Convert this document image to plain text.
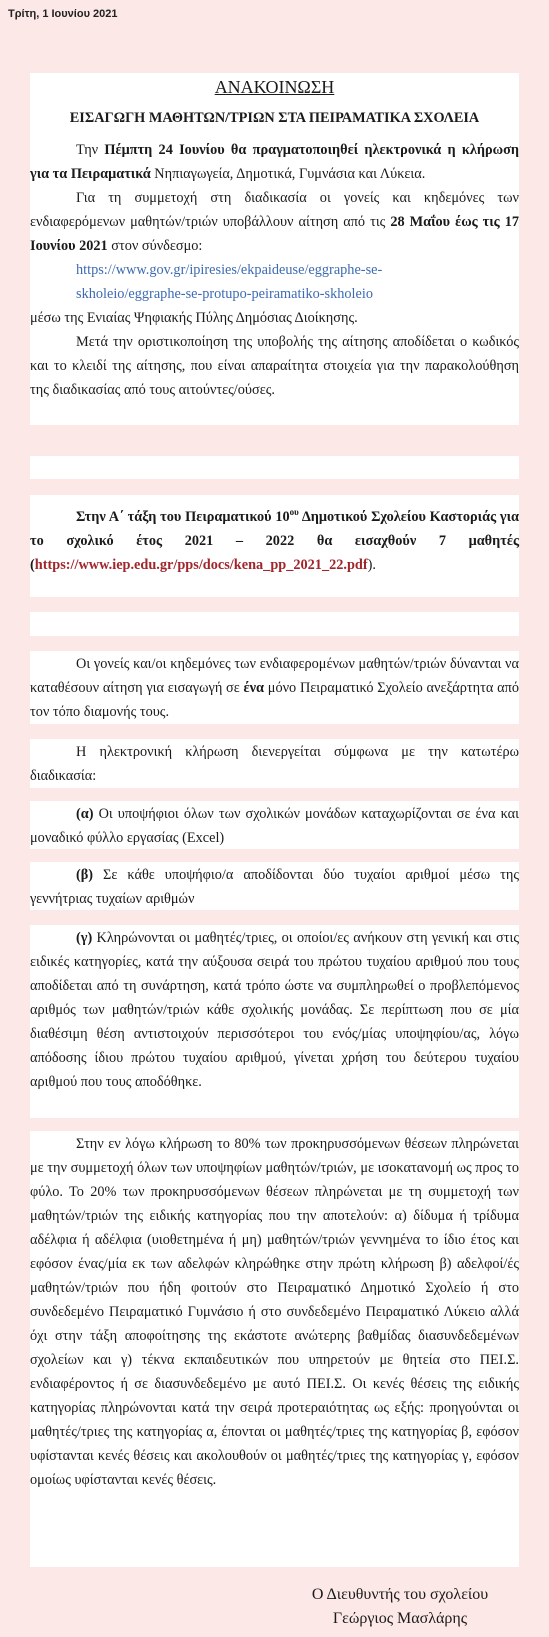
Τρίτη, 1 Ιουνίου 2021

ΑΝΑΚΟΙΝΩΣΗ

ΕΙΣΑΓΩΓΗ ΜΑΘΗΤΩΝ/ΤΡΙΩΝ ΣΤΑ ΠΕΙΡΑΜΑΤΙΚΑ ΣΧΟΛΕΙΑ

Την Πέμπτη 24 Ιουνίου θα πραγματοποιηθεί ηλεκτρονικά η κλήρωση για τα Πειραματικά Νηπιαγωγεία, Δημοτικά, Γυμνάσια και Λύκεια.

Για τη συμμετοχή στη διαδικασία οι γονείς και κηδεμόνες των ενδιαφερόμενων μαθητών/τριών υποβάλλουν αίτηση από τις 28 Μαΐου έως τις 17 Ιουνίου 2021 στον σύνδεσμο:

https://www.gov.gr/ipiresies/ekpaideuse/eggraphe-se-

skholeio/eggraphe-se-protupo-peiramatiko-skholeio

μέσω της Ενιαίας Ψηφιακής Πύλης Δημόσιας Διοίκησης.

Μετά την οριστικοποίηση της υποβολής της αίτησης αποδίδεται ο κωδικός και το κλειδί της αίτησης, που είναι απαραίτητα στοιχεία για την παρακολούθηση της διαδικασίας από τους αιτούντες/ούσες.

Στην Α΄ τάξη του Πειραματικού $10^{o\upsilon}$ Δημοτικού Σχολείου Καστοριάς για το σχολικό έτος 2021 – 2022 θα εισαχθούν 7 μαθητές (https://www.iep.edu.gr/pps/docs/kena_pp_2021_22.pdf).

Οι γονείς και/οι κηδεμόνες των ενδιαφερομένων μαθητών/τριών δύνανται να καταθέσουν αίτηση για εισαγωγή σε ένα μόνο Πειραματικό Σχολείο ανεξάρτητα από τον τόπο διαμονής τους.

Η ηλεκτρονική κλήρωση διενεργείται σύμφωνα με την κατωτέρω διαδικασία:

(α) Οι υποψήφιοι όλων των σχολικών μονάδων καταχωρίζονται σε ένα και μοναδικό φύλλο εργασίας (Excel)

(β) Σε κάθε υποψήφιο/α αποδίδονται δύο τυχαίοι αριθμοί μέσω της γεννήτριας τυχαίων αριθμών

(γ) Κληρώνονται οι μαθητές/τριες, οι οποίοι/ες ανήκουν στη γενική και στις ειδικές κατηγορίες, κατά την αύξουσα σειρά του πρώτου τυχαίου αριθμού που τους αποδίδεται από τη συνάρτηση, κατά τρόπο ώστε να συμπληρωθεί ο προβλεπόμενος αριθμός των μαθητών/τριών κάθε σχολικής μονάδας. Σε περίπτωση που σε μία διαθέσιμη θέση αντιστοιχούν περισσότεροι του ενός/μίας υποψηφίου/ας, λόγω απόδοσης ίδιου πρώτου τυχαίου αριθμού, γίνεται χρήση του δεύτερου τυχαίου αριθμού που τους αποδόθηκε.

Στην εν λόγω κλήρωση το 80% των προκηρυσσόμενων θέσεων πληρώνεται με την συμμετοχή όλων των υποψηφίων μαθητών/τριών, με ισοκατανομή ως προς το φύλο. Το 20% των προκηρυσσόμενων θέσεων πληρώνεται με τη συμμετοχή των μαθητών/τριών της ειδικής κατηγορίας που την αποτελούν: α) δίδυμα ή τρίδυμα αδέλφια ή αδέλφια (υιοθετημένα ή μη) μαθητών/τριών γεννημένα το ίδιο έτος και εφόσον ένας/μία εκ των αδελφών κληρώθηκε στην πρώτη κλήρωση β) αδελφοί/ές μαθητών/τριών που ήδη φοιτούν στο Πειραματικό Δημοτικό Σχολείο ή στο συνδεδεμένο Πειραματικό Γυμνάσιο ή στο συνδεδεμένο Πειραματικό Λύκειο αλλά όχι στην τάξη αποφοίτησης της εκάστοτε ανώτερης βαθμίδας διασυνδεδεμένων σχολείων και γ) τέκνα εκπαιδευτικών που υπηρετούν με θητεία στο ΠΕΙ.Σ. ενδιαφέροντος ή σε διασυνδεδεμένο με αυτό ΠΕΙ.Σ. Οι κενές θέσεις της ειδικής κατηγορίας πληρώνονται κατά την σειρά προτεραιότητας ως εξής: προηγούνται οι μαθητές/τριες της κατηγορίας α, έπονται οι μαθητές/τριες της κατηγορίας β, εφόσον υφίστανται κενές θέσεις και ακολουθούν οι μαθητές/τριες της κατηγορίας γ, εφόσον ομοίως υφίστανται κενές θέσεις.

Ο Διευθυντής του σχολείου

Γεώργιος Μασλάρης
